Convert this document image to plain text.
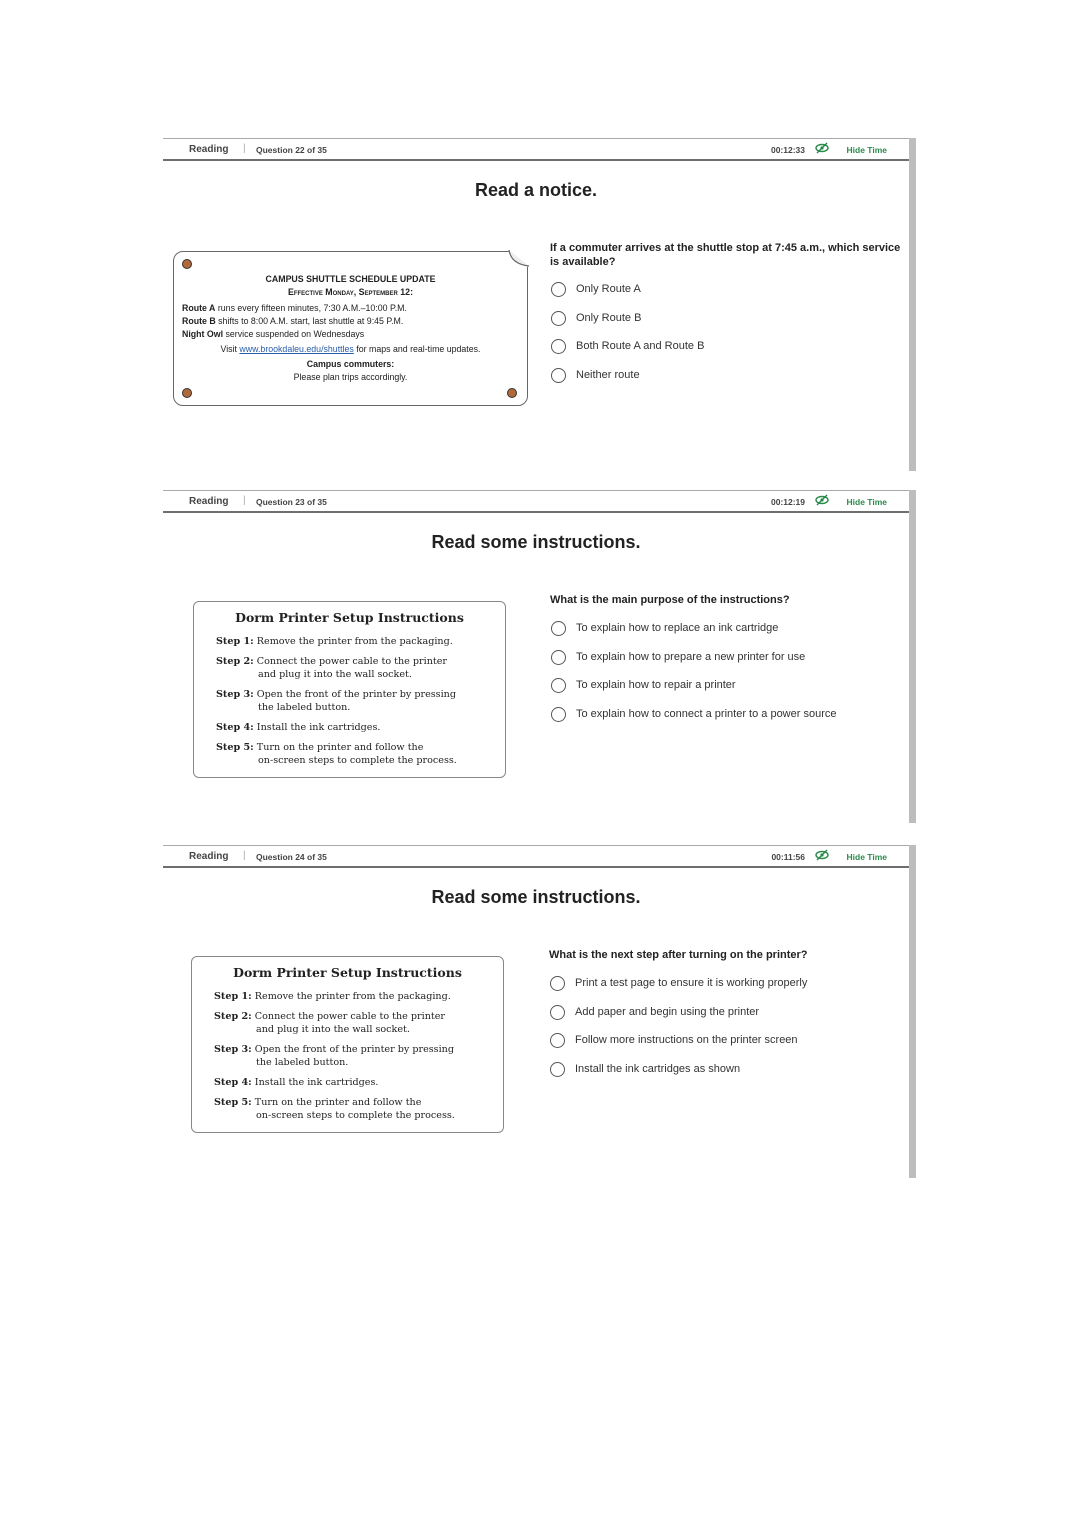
Reading | Question 22 of 35	00:12:33	Hide Time
Read a notice.
CAMPUS SHUTTLE SCHEDULE UPDATE
Effective Monday, September 12:
Route A runs every fifteen minutes, 7:30 A.M.–10:00 P.M.
Route B shifts to 8:00 A.M. start, last shuttle at 9:45 P.M.
Night Owl service suspended on Wednesdays
Visit www.brookdaleu.edu/shuttles for maps and real-time updates.
Campus commuters:
Please plan trips accordingly.
If a commuter arrives at the shuttle stop at 7:45 a.m., which service is available?
Only Route A
Only Route B
Both Route A and Route B
Neither route
Reading | Question 23 of 35	00:12:19	Hide Time
Read some instructions.
Dorm Printer Setup Instructions
Step 1: Remove the printer from the packaging.
Step 2: Connect the power cable to the printer
and plug it into the wall socket.
Step 3: Open the front of the printer by pressing
the labeled button.
Step 4: Install the ink cartridges.
Step 5: Turn on the printer and follow the
on-screen steps to complete the process.
What is the main purpose of the instructions?
To explain how to replace an ink cartridge
To explain how to prepare a new printer for use
To explain how to repair a printer
To explain how to connect a printer to a power source
Reading | Question 24 of 35	00:11:56	Hide Time
Read some instructions.
Dorm Printer Setup Instructions
Step 1: Remove the printer from the packaging.
Step 2: Connect the power cable to the printer
and plug it into the wall socket.
Step 3: Open the front of the printer by pressing
the labeled button.
Step 4: Install the ink cartridges.
Step 5: Turn on the printer and follow the
on-screen steps to complete the process.
What is the next step after turning on the printer?
Print a test page to ensure it is working properly
Add paper and begin using the printer
Follow more instructions on the printer screen
Install the ink cartridges as shown
